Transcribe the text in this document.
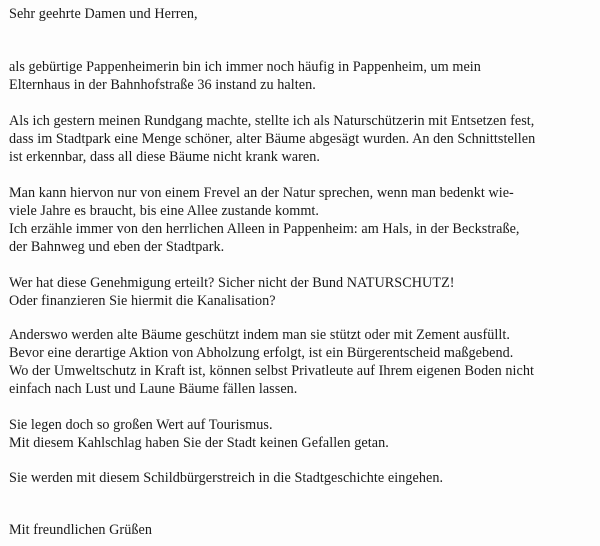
Sehr geehrte Damen und Herren,
als gebürtige Pappenheimerin bin ich immer noch häufig in Pappenheim, um mein
Elternhaus in der Bahnhofstraße 36 instand zu halten.
Als ich gestern meinen Rundgang machte, stellte ich als Naturschützerin mit Entsetzen fest,
dass im Stadtpark eine Menge schöner, alter Bäume abgesägt wurden. An den Schnittstellen
ist erkennbar, dass all diese Bäume nicht krank waren.
Man kann hiervon nur von einem Frevel an der Natur sprechen, wenn man bedenkt wie-
viele Jahre es braucht, bis eine Allee zustande kommt.
Ich erzähle immer von den herrlichen Alleen in Pappenheim: am Hals, in der Beckstraße,
der Bahnweg und eben der Stadtpark.
Wer hat diese Genehmigung erteilt? Sicher nicht der Bund NATURSCHUTZ!
Oder finanzieren Sie hiermit die Kanalisation?
Anderswo werden alte Bäume geschützt indem man sie stützt oder mit Zement ausfüllt.
Bevor eine derartige Aktion von Abholzung erfolgt, ist ein Bürgerentscheid maßgebend.
Wo der Umweltschutz in Kraft ist, können selbst Privatleute auf Ihrem eigenen Boden nicht
einfach nach Lust und Laune Bäume fällen lassen.
Sie legen doch so großen Wert auf Tourismus.
Mit diesem Kahlschlag haben Sie der Stadt keinen Gefallen getan.
Sie werden mit diesem Schildbürgerstreich in die Stadtgeschichte eingehen.
Mit freundlichen Grüßen
